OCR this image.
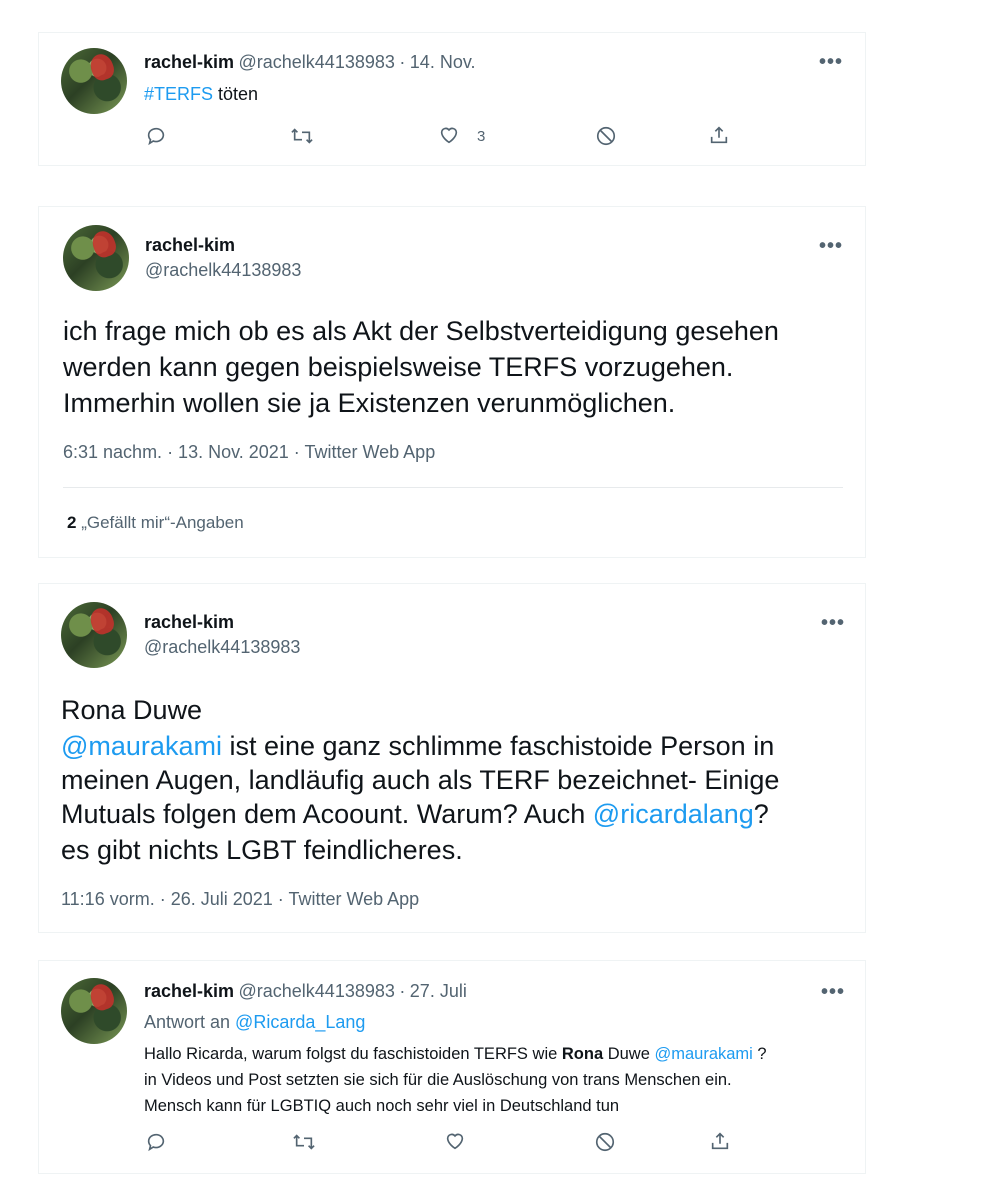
rachel-kim @rachelk44138983 · 14. Nov.	•••
#TERFS töten
3
rachel-kim
@rachelk44138983
•••
ich frage mich ob es als Akt der Selbstverteidigung gesehen
werden kann gegen beispielsweise TERFS vorzugehen.
Immerhin wollen sie ja Existenzen verunmöglichen.
6:31 nachm. · 13. Nov. 2021 · Twitter Web App
2 „Gefällt mir“-Angaben
rachel-kim
@rachelk44138983
•••
Rona Duwe
@maurakami ist eine ganz schlimme faschistoide Person in
meinen Augen, landläufig auch als TERF bezeichnet- Einige
Mutuals folgen dem Acoount. Warum? Auch @ricardalang?
es gibt nichts LGBT feindlicheres.
11:16 vorm. · 26. Juli 2021 · Twitter Web App
rachel-kim @rachelk44138983 · 27. Juli	•••
Antwort an @Ricarda_Lang
Hallo Ricarda, warum folgst du faschistoiden TERFS wie Rona Duwe @maurakami ?
in Videos und Post setzten sie sich für die Auslöschung von trans Menschen ein.
Mensch kann für LGBTIQ auch noch sehr viel in Deutschland tun
